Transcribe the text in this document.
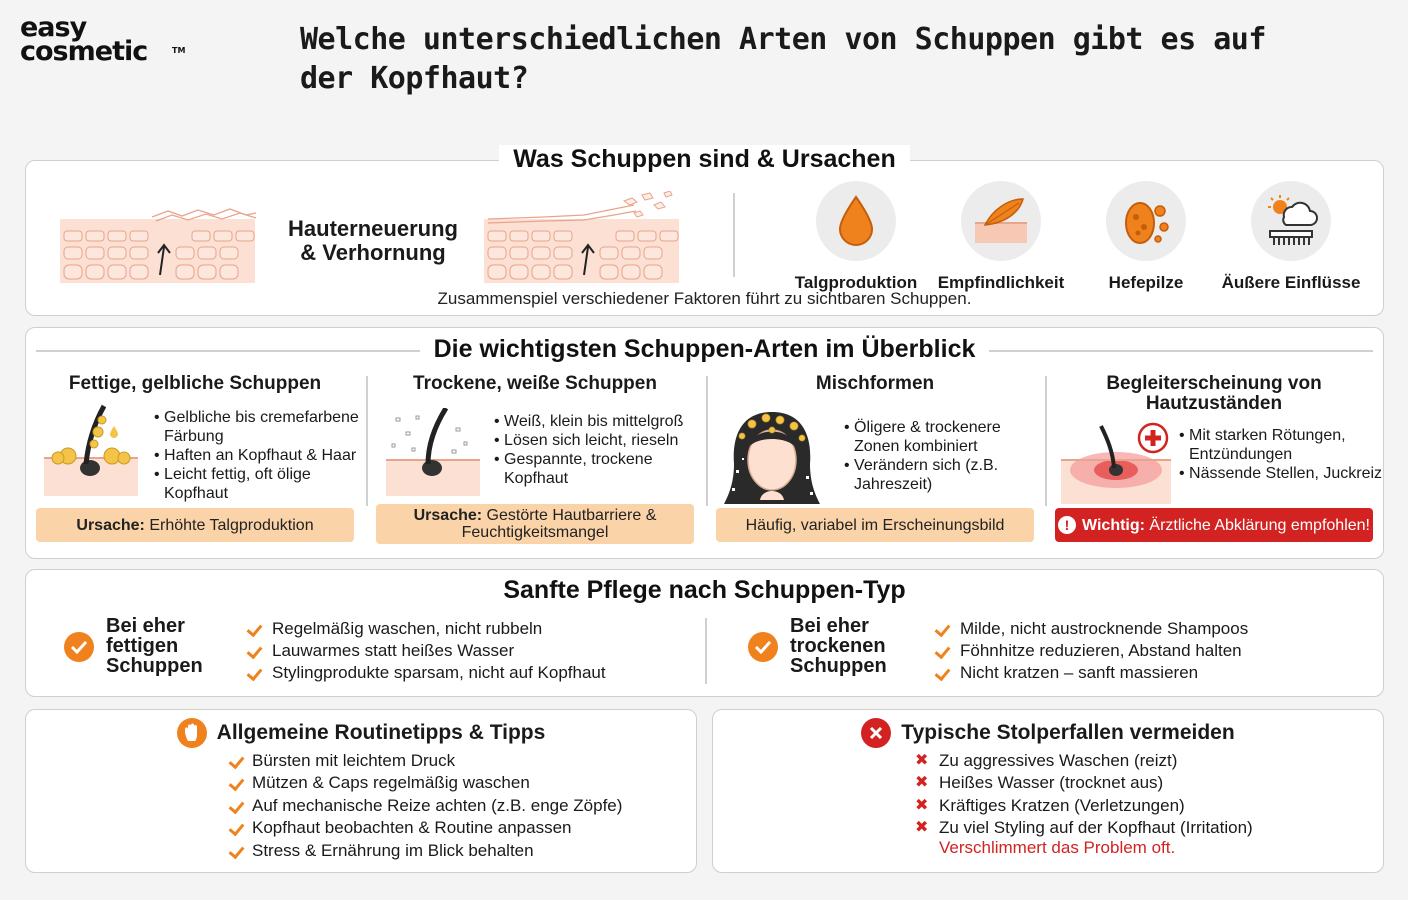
easy
cosmetic	TM	Welche unterschiedlichen Arten von Schuppen gibt es auf der Kopfhaut?
Was Schuppen sind & Ursachen
Hauterneuerung & Verhornung
Talgproduktion	Empfindlichkeit	Hefepilze	Äußere Einflüsse
Zusammenspiel verschiedener Faktoren führt zu sichtbaren Schuppen.
Die wichtigsten Schuppen-Arten im Überblick
Fettige, gelbliche Schuppen
• Gelbliche bis cremefarbene Färbung
• Haften an Kopfhaut & Haar
• Leicht fettig, oft ölige Kopfhaut
Ursache: Erhöhte Talgproduktion
Trockene, weiße Schuppen
• Weiß, klein bis mittelgroß
• Lösen sich leicht, rieseln
• Gespannte, trockene Kopfhaut
Ursache: Gestörte Hautbarriere & Feuchtigkeitsmangel
Mischformen
• Öligere & trockenere Zonen kombiniert
• Verändern sich (z.B. Jahreszeit)
Häufig, variabel im Erscheinungsbild
Begleiterscheinung von Hautzuständen
• Mit starken Rötungen, Entzündungen
• Nässende Stellen, Juckreiz
! Wichtig: Ärztliche Abklärung empfohlen!
Sanfte Pflege nach Schuppen-Typ
Bei eher fettigen Schuppen
Regelmäßig waschen, nicht rubbeln
Lauwarmes statt heißes Wasser
Stylingprodukte sparsam, nicht auf Kopfhaut
Bei eher trockenen Schuppen
Milde, nicht austrocknende Shampoos
Föhnhitze reduzieren, Abstand halten
Nicht kratzen – sanft massieren
Allgemeine Routinetipps & Tipps
Bürsten mit leichtem Druck
Mützen & Caps regelmäßig waschen
Auf mechanische Reize achten (z.B. enge Zöpfe)
Kopfhaut beobachten & Routine anpassen
Stress & Ernährung im Blick behalten
Typische Stolperfallen vermeiden
✖ Zu aggressives Waschen (reizt)
✖ Heißes Wasser (trocknet aus)
✖ Kräftiges Kratzen (Verletzungen)
✖ Zu viel Styling auf der Kopfhaut (Irritation)
Verschlimmert das Problem oft.
